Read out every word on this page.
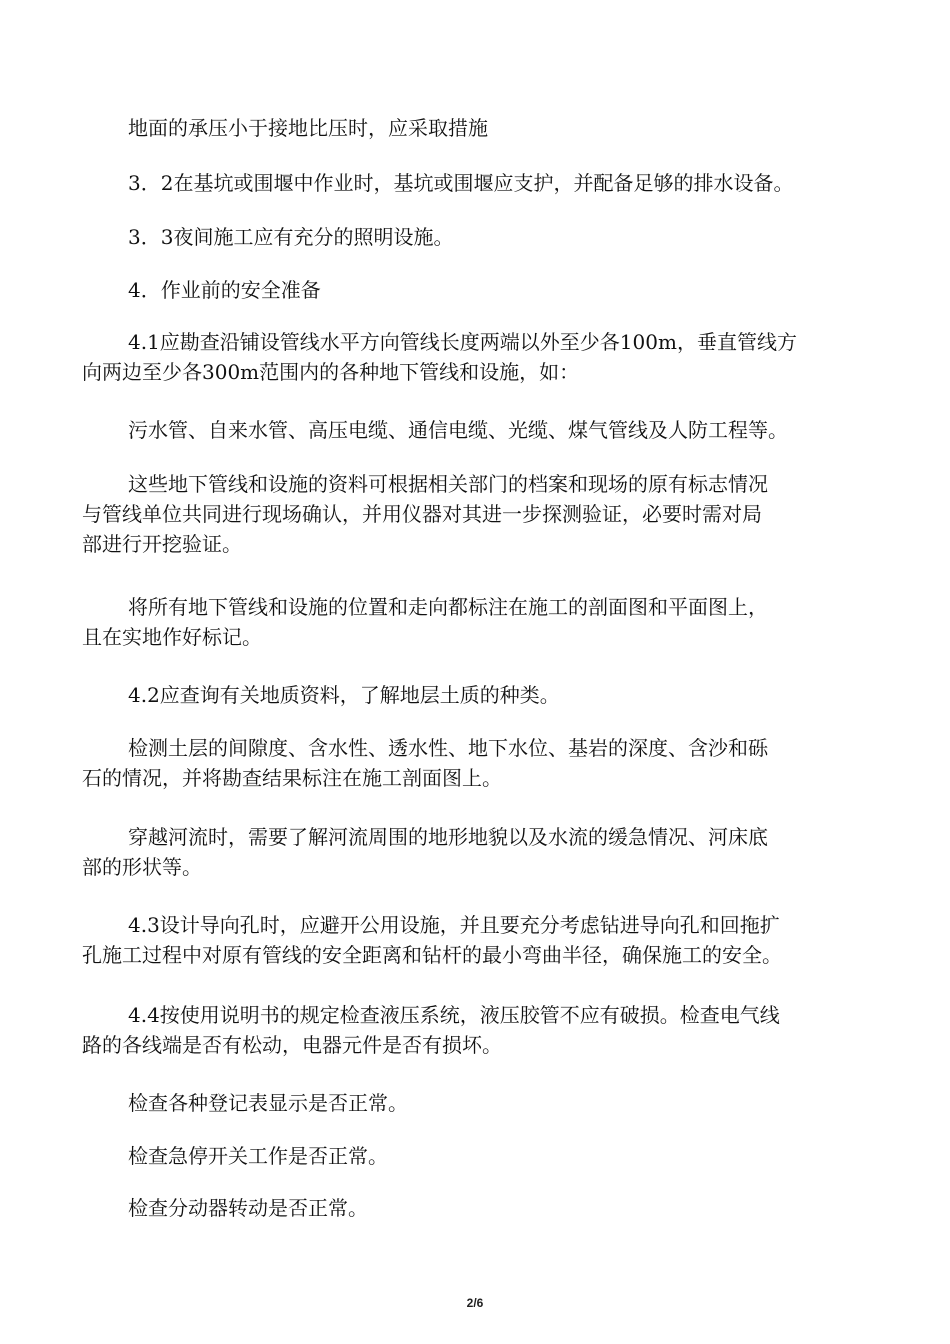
地面的承压小于接地比压时，应采取措施
3．2在基坑或围堰中作业时，基坑或围堰应支护，并配备足够的排水设备。
3．3夜间施工应有充分的照明设施。
4．作业前的安全准备
4.1应勘查沿铺设管线水平方向管线长度两端以外至少各100m，垂直管线方
向两边至少各300m范围内的各种地下管线和设施，如：
污水管、自来水管、高压电缆、通信电缆、光缆、煤气管线及人防工程等。
这些地下管线和设施的资料可根据相关部门的档案和现场的原有标志情况
与管线单位共同进行现场确认，并用仪器对其进一步探测验证，必要时需对局
部进行开挖验证。
将所有地下管线和设施的位置和走向都标注在施工的剖面图和平面图上，
且在实地作好标记。
4.2应查询有关地质资料，了解地层土质的种类。
检测土层的间隙度、含水性、透水性、地下水位、基岩的深度、含沙和砾
石的情况，并将勘查结果标注在施工剖面图上。
穿越河流时，需要了解河流周围的地形地貌以及水流的缓急情况、河床底
部的形状等。
4.3设计导向孔时，应避开公用设施，并且要充分考虑钻进导向孔和回拖扩
孔施工过程中对原有管线的安全距离和钻杆的最小弯曲半径，确保施工的安全。
4.4按使用说明书的规定检查液压系统，液压胶管不应有破损。检查电气线
路的各线端是否有松动，电器元件是否有损坏。
检查各种登记表显示是否正常。
检查急停开关工作是否正常。
检查分动器转动是否正常。
2/6
